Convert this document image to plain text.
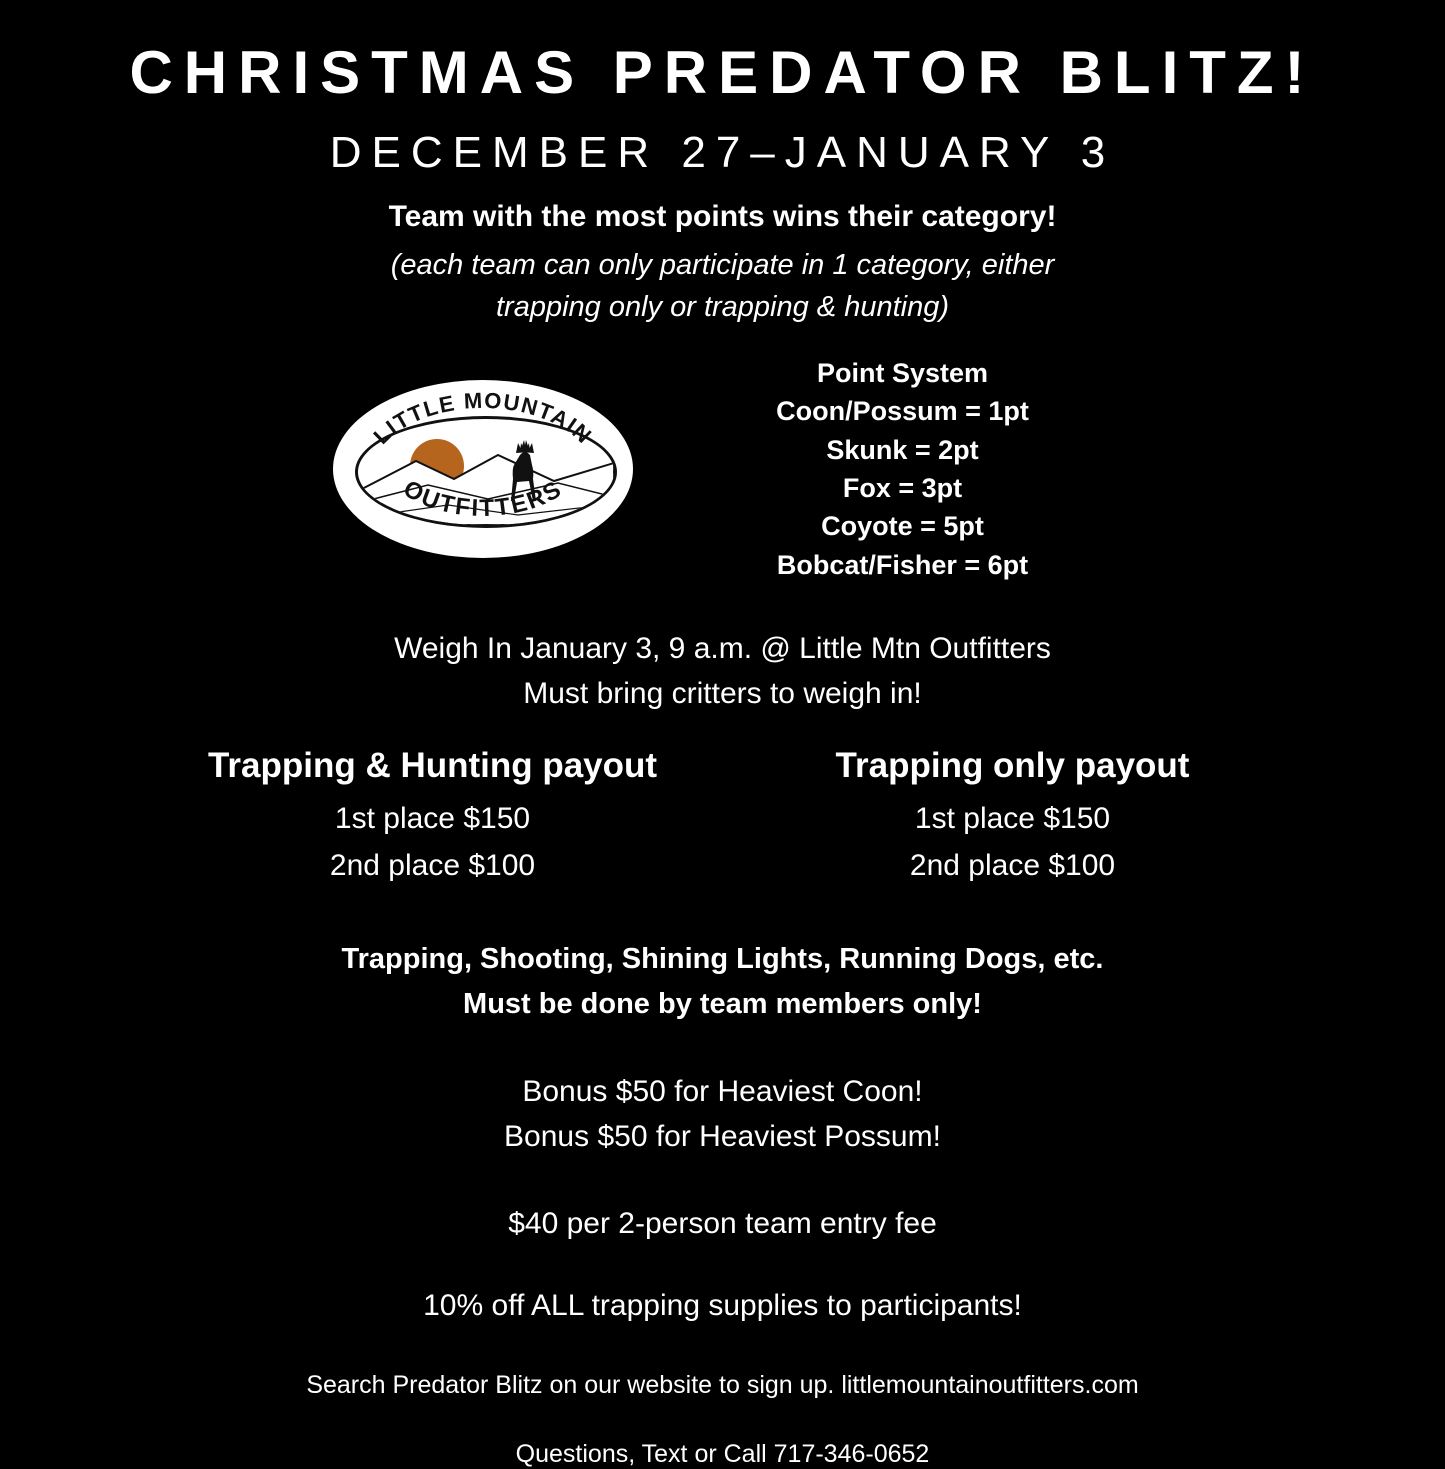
CHRISTMAS PREDATOR BLITZ!
DECEMBER 27–JANUARY 3
Team with the most points wins their category!
(each team can only participate in 1 category, either
trapping only or trapping & hunting)
LITTLE MOUNTAIN
OUTFITTERS
Point System
Coon/Possum = 1pt
Skunk = 2pt
Fox = 3pt
Coyote = 5pt
Bobcat/Fisher = 6pt
Weigh In January 3, 9 a.m. @ Little Mtn Outfitters
Must bring critters to weigh in!
Trapping & Hunting payout
1st place $150
2nd place $100
Trapping only payout
1st place $150
2nd place $100
Trapping, Shooting, Shining Lights, Running Dogs, etc.
Must be done by team members only!
Bonus $50 for Heaviest Coon!
Bonus $50 for Heaviest Possum!
$40 per 2-person team entry fee
10% off ALL trapping supplies to participants!
Search Predator Blitz on our website to sign up. littlemountainoutfitters.com
Questions, Text or Call 717-346-0652
